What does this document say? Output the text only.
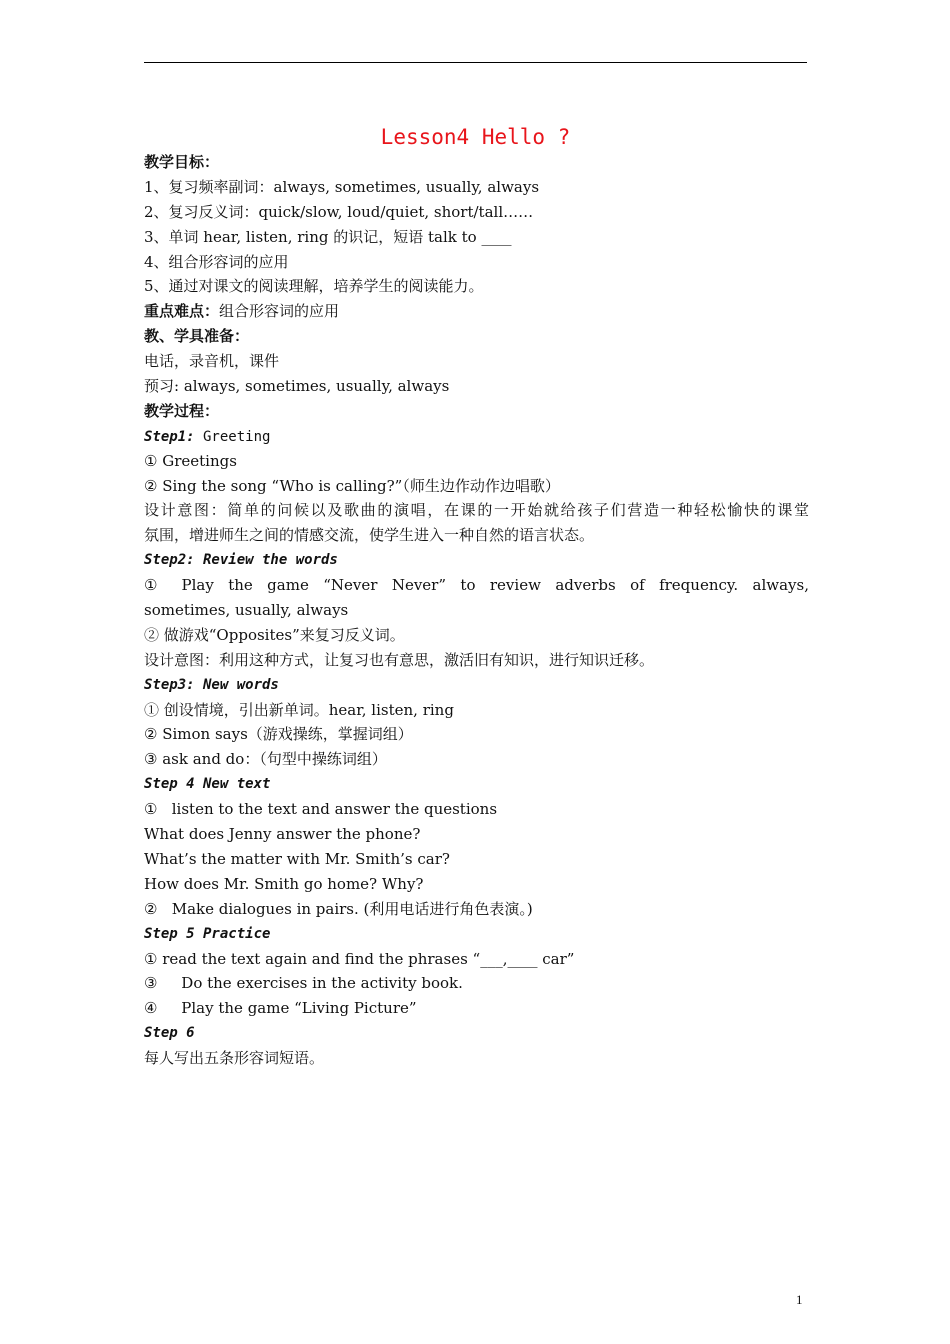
Lesson4 Hello ?
教学目标：
1、复习频率副词：always, sometimes, usually, always
2、复习反义词：quick/slow, loud/quiet, short/tall……
3、单词 hear, listen, ring 的识记，短语 talk to ____
4、组合形容词的应用
5、通过对课文的阅读理解，培养学生的阅读能力。
重点难点：组合形容词的应用
教、学具准备：
电话，录音机，课件
预习: always, sometimes, usually, always
教学过程：
Step1: Greeting
① Greetings
② Sing the song “Who is calling?”（师生边作动作边唱歌）
设计意图：简单的问候以及歌曲的演唱，在课的一开始就给孩子们营造一种轻松愉快的课堂
氛围，增进师生之间的情感交流，使学生进入一种自然的语言状态。
Step2: Review the words
① Play the game “Never Never” to review adverbs of frequency. always,
sometimes, usually, always
② 做游戏“Opposites”来复习反义词。
设计意图：利用这种方式，让复习也有意思，激活旧有知识，进行知识迁移。
Step3: New words
① 创设情境，引出新单词。hear, listen, ring
② Simon says（游戏操练，掌握词组）
③ ask and do：（句型中操练词组）
Step 4 New text
①   listen to the text and answer the questions
What does Jenny answer the phone?
What’s the matter with Mr. Smith’s car?
How does Mr. Smith go home? Why?
②   Make dialogues in pairs. (利用电话进行角色表演。)
Step 5 Practice
① read the text again and find the phrases “___,____ car”
③     Do the exercises in the activity book.
④     Play the game “Living Picture”
Step 6
每人写出五条形容词短语。
1
